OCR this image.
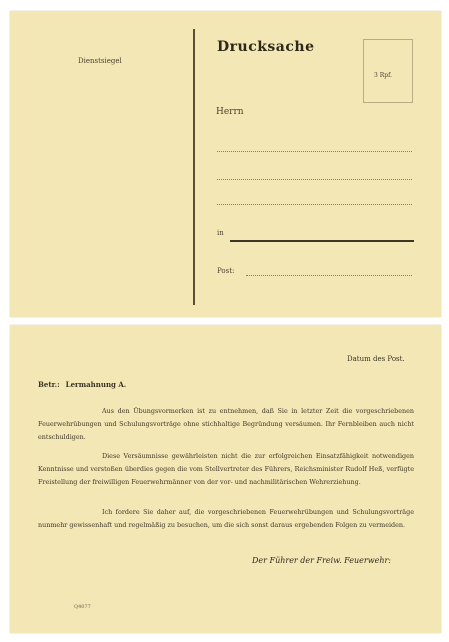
Dienstsiegel
Drucksache
3 Rpf.
Herrn
in
Post:
Datum des Post.
Betr.: Lermahnung A.

Aus den Übungsvormerken ist zu entnehmen, daß Sie in letzter Zeit die vorgeschriebenen Feuerwehrübungen und Schulungsvorträge ohne stichhaltige Begründung versäumen. Ihr Fernbleiben auch nicht entschuldigen.

Diese Versäumnisse gewährleisten nicht die zur erfolgreichen Einsatzfähigkeit notwendigen Kenntnisse und verstoßen überdies gegen die vom Stellvertreter des Führers, Reichsminister Rudolf Heß, verfügte Freistellung der freiwilligen Feuerwehrmänner von der vor- und nachmilitärischen Wehrerziehung.

Ich fordere Sie daher auf, die vorgeschriebenen Feuerwehrübungen und Schulungsvorträge nunmehr gewissenhaft und regelmäßig zu besuchen, um die sich sonst daraus ergebenden Folgen zu vermeiden.

Der Führer der Freiw. Feuerwehr:
Q4077
